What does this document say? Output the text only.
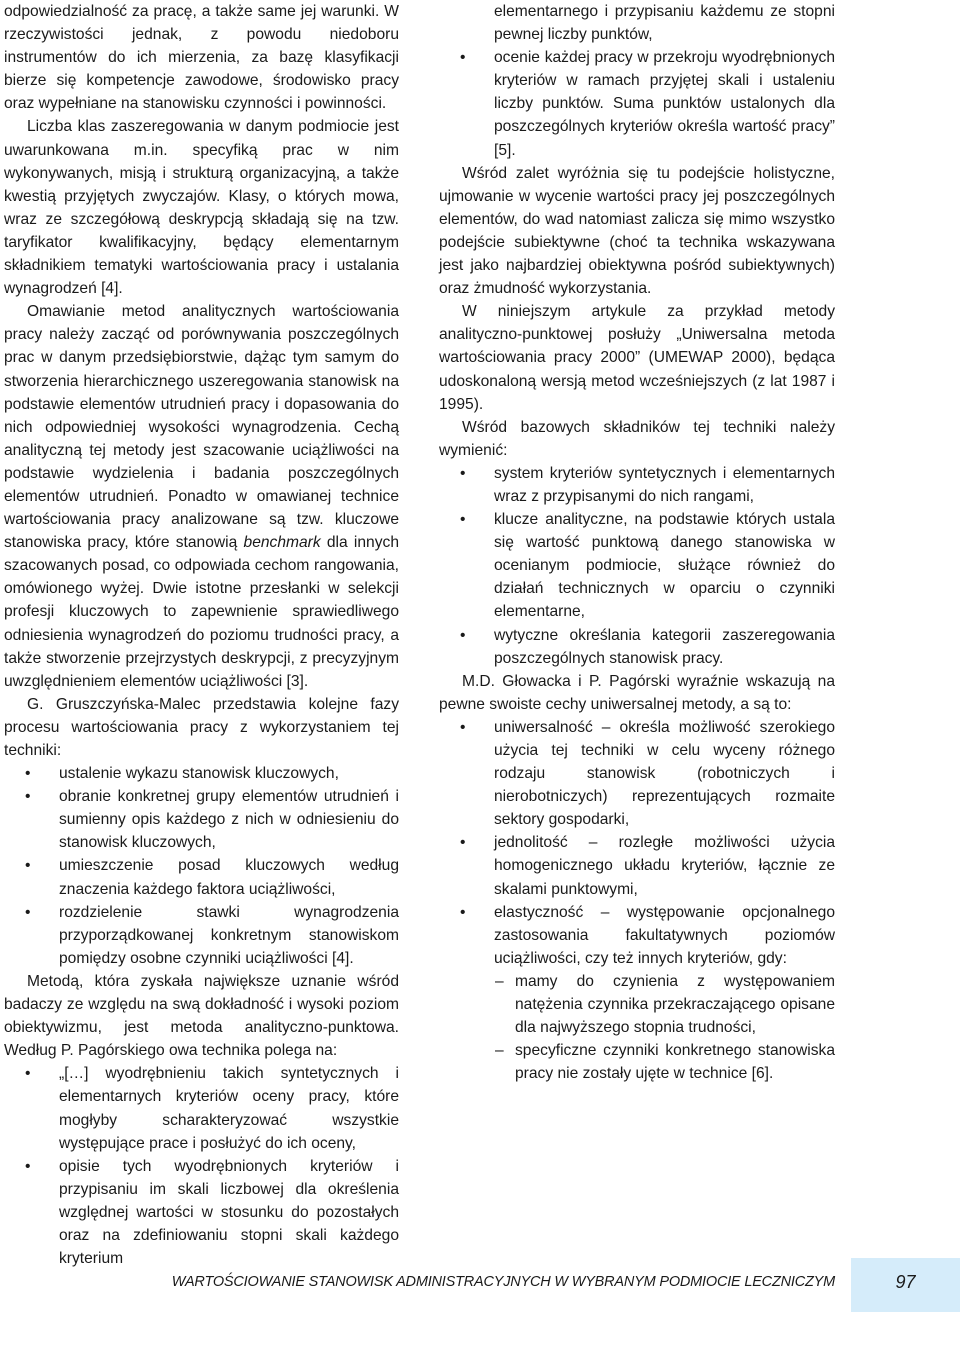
odpowiedzialność za pracę, a także same jej warunki. W rzeczywistości jednak, z powodu niedoboru instrumentów do ich mierzenia, za bazę klasyfikacji bierze się kompetencje zawodowe, środowisko pracy oraz wypełniane na stanowisku czynności i powinności.

Liczba klas zaszeregowania w danym podmiocie jest uwarunkowana m.in. specyfiką prac w nim wykonywanych, misją i strukturą organizacyjną, a także kwestią przyjętych zwyczajów. Klasy, o których mowa, wraz ze szczegółową deskrypcją składają się na tzw. taryfikator kwalifikacyjny, będący elementarnym składnikiem tematyki wartościowania pracy i ustalania wynagrodzeń [4].

Omawianie metod analitycznych wartościowania pracy należy zacząć od porównywania poszczególnych prac w danym przedsiębiorstwie, dążąc tym samym do stworzenia hierarchicznego uszeregowania stanowisk na podstawie elementów utrudnień pracy i dopasowania do nich odpowiedniej wysokości wynagrodzenia. Cechą analityczną tej metody jest szacowanie uciążliwości na podstawie wydzielenia i badania poszczególnych elementów utrudnień. Ponadto w omawianej technice wartościowania pracy analizowane są tzw. kluczowe stanowiska pracy, które stanowią benchmark dla innych szacowanych posad, co odpowiada cechom rangowania, omówionego wyżej. Dwie istotne przesłanki w selekcji profesji kluczowych to zapewnienie sprawiedliwego odniesienia wynagrodzeń do poziomu trudności pracy, a także stworzenie przejrzystych deskrypcji, z precyzyjnym uwzględnieniem elementów uciążliwości [3].

G. Gruszczyńska-Malec przedstawia kolejne fazy procesu wartościowania pracy z wykorzystaniem tej techniki:

• ustalenie wykazu stanowisk kluczowych,
• obranie konkretnej grupy elementów utrudnień i sumienny opis każdego z nich w odniesieniu do stanowisk kluczowych,
• umieszczenie posad kluczowych według znaczenia każdego faktora uciążliwości,
• rozdzielenie stawki wynagrodzenia przyporządkowanej konkretnym stanowiskom pomiędzy osobne czynniki uciążliwości [4].

Metodą, która zyskała największe uznanie wśród badaczy ze względu na swą dokładność i wysoki poziom obiektywizmu, jest metoda analityczno-punktowa. Według P. Pagórskiego owa technika polega na:

• „[…] wyodrębnieniu takich syntetycznych i elementarnych kryteriów oceny pracy, które mogłyby scharakteryzować wszystkie występujące prace i posłużyć do ich oceny,
• opisie tych wyodrębnionych kryteriów i przypisaniu im skali liczbowej dla określenia względnej wartości w stosunku do pozostałych oraz na zdefiniowaniu stopni skali każdego kryterium
elementarnego i przypisaniu każdemu ze stopni pewnej liczby punktów,
• ocenie każdej pracy w przekroju wyodrębnionych kryteriów w ramach przyjętej skali i ustaleniu liczby punktów. Suma punktów ustalonych dla poszczególnych kryteriów określa wartość pracy” [5].

Wśród zalet wyróżnia się tu podejście holistyczne, ujmowanie w wycenie wartości pracy jej poszczególnych elementów, do wad natomiast zalicza się mimo wszystko podejście subiektywne (choć ta technika wskazywana jest jako najbardziej obiektywna pośród subiektywnych) oraz żmudność wykorzystania.

W niniejszym artykule za przykład metody analityczno-punktowej posłuży „Uniwersalna metoda wartościowania pracy 2000” (UMEWAP 2000), będąca udoskonaloną wersją metod wcześniejszych (z lat 1987 i 1995).

Wśród bazowych składników tej techniki należy wymienić:

• system kryteriów syntetycznych i elementarnych wraz z przypisanymi do nich rangami,
• klucze analityczne, na podstawie których ustala się wartość punktową danego stanowiska w ocenianym podmiocie, służące również do działań technicznych w oparciu o czynniki elementarne,
• wytyczne określania kategorii zaszeregowania poszczególnych stanowisk pracy.

M.D. Głowacka i P. Pagórski wyraźnie wskazują na pewne swoiste cechy uniwersalnej metody, a są to:

• uniwersalność – określa możliwość szerokiego użycia tej techniki w celu wyceny różnego rodzaju stanowisk (robotniczych i nierobotniczych) reprezentujących rozmaite sektory gospodarki,
• jednolitość – rozległe możliwości użycia homogenicznego układu kryteriów, łącznie ze skalami punktowymi,
• elastyczność – występowanie opcjonalnego zastosowania fakultatywnych poziomów uciążliwości, czy też innych kryteriów, gdy:
– mamy do czynienia z występowaniem natężenia czynnika przekraczającego opisane dla najwyższego stopnia trudności,
– specyficzne czynniki konkretnego stanowiska pracy nie zostały ujęte w technice [6].
WARTOŚCIOWANIE STANOWISK ADMINISTRACYJNYCH W WYBRANYM PODMIOCIE LECZNICZYM	97
